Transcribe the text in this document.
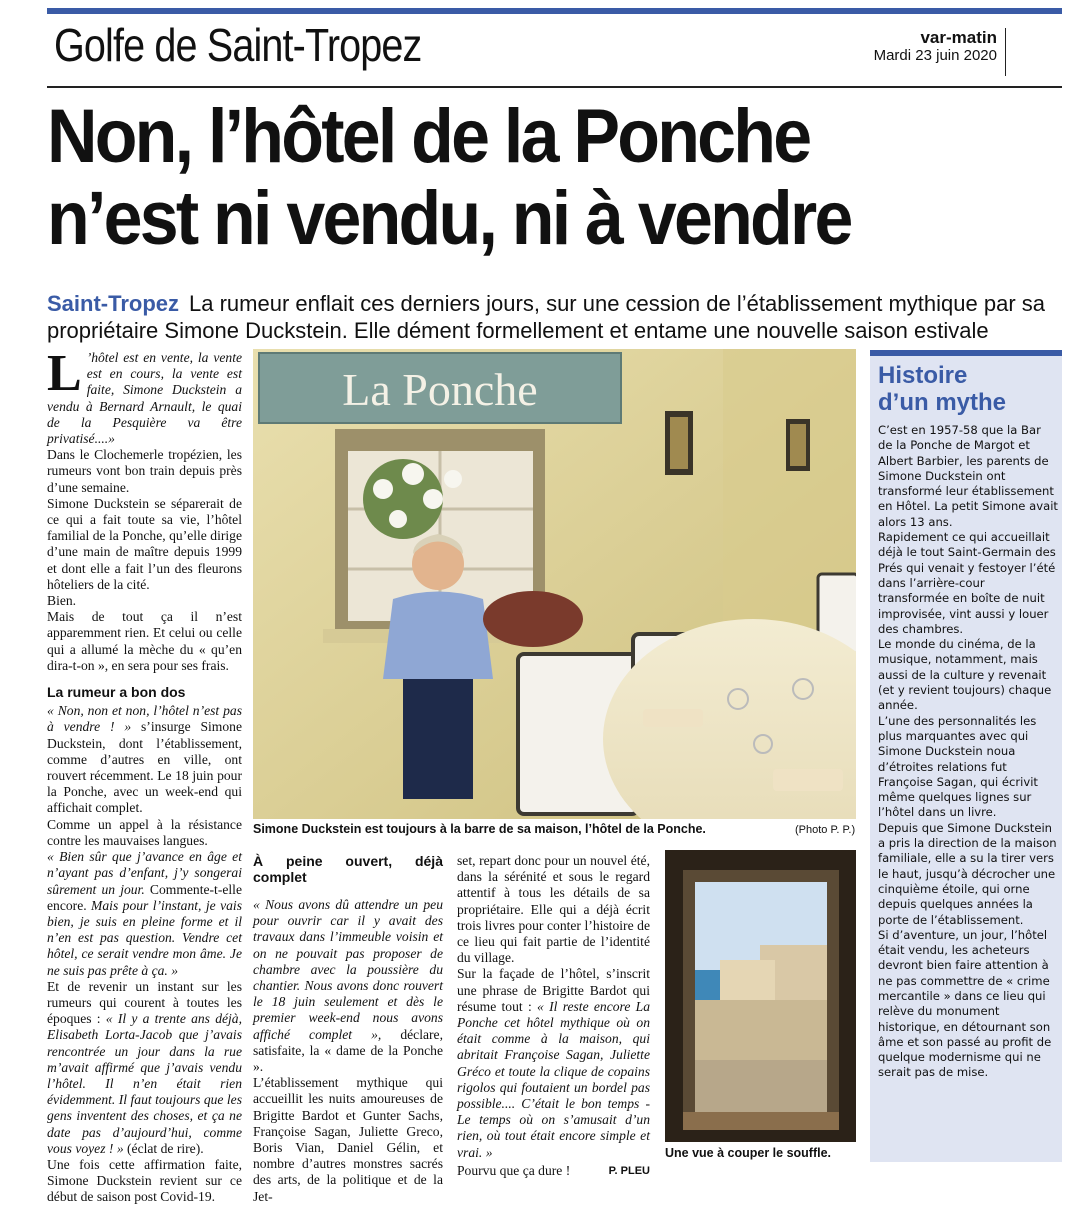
Golfe de Saint-Tropez	var-matin
Mardi 23 juin 2020
Non, l’hôtel de la Ponche
n’est ni vendu, ni à vendre
Saint-Tropez La rumeur enflait ces derniers jours, sur une cession de l’établissement mythique par sa propriétaire Simone Duckstein. Elle dément formellement et entame une nouvelle saison estivale

L ’hôtel est en vente, la vente est en cours, la vente est faite, Simone Duckstein a vendu à Bernard Arnault, le quai de la Pesquière va être privatisé....»

Dans le Clochemerle tropézien, les rumeurs vont bon train depuis près d’une semaine.

Simone Duckstein se séparerait de ce qui a fait toute sa vie, l’hôtel familial de la Ponche, qu’elle dirige d’une main de maître depuis 1999 et dont elle a fait l’un des fleurons hôteliers de la cité.

Bien.

Mais de tout ça il n’est apparemment rien. Et celui ou celle qui a allumé la mèche du « qu’en dira-t-on », en sera pour ses frais.

La rumeur a bon dos

« Non, non et non, l’hôtel n’est pas à vendre ! » s’insurge Simone Duckstein, dont l’établissement, comme d’autres en ville, ont rouvert récemment. Le 18 juin pour la Ponche, avec un week-end qui affichait complet.

Comme un appel à la résistance contre les mauvaises langues.

« Bien sûr que j’avance en âge et n’ayant pas d’enfant, j’y songerai sûrement un jour. Commente-t-elle encore. Mais pour l’instant, je vais bien, je suis en pleine forme et il n’en est pas question. Vendre cet hôtel, ce serait vendre mon âme. Je ne suis pas prête à ça. »

Et de revenir un instant sur les rumeurs qui courent à toutes les époques : « Il y a trente ans déjà, Elisabeth Lorta-Jacob que j’avais rencontrée un jour dans la rue m’avait affirmé que j’avais vendu l’hôtel. Il n’en était rien évidemment. Il faut toujours que les gens inventent des choses, et ça ne date pas d’aujourd’hui, comme vous voyez ! » (éclat de rire).

Une fois cette affirmation faite, Simone Duckstein revient sur ce début de saison post Covid-19.

La Ponche
Simone Duckstein est toujours à la barre de sa maison, l’hôtel de la Ponche.	(Photo P. P.)
À peine ouvert, déjà complet

« Nous avons dû attendre un peu pour ouvrir car il y avait des travaux dans l’immeuble voisin et on ne pouvait pas proposer de chambre avec la poussière du chantier. Nous avons donc rouvert le 18 juin seulement et dès le premier week-end nous avons affiché complet », déclare, satisfaite, la « dame de la Ponche ».

L’établissement mythique qui accueillit les nuits amoureuses de Brigitte Bardot et Gunter Sachs, Françoise Sagan, Juliette Greco, Boris Vian, Daniel Gélin, et nombre d’autres monstres sacrés des arts, de la politique et de la Jet-

set, repart donc pour un nouvel été, dans la sérénité et sous le regard attentif à tous les détails de sa propriétaire. Elle qui a déjà écrit trois livres pour conter l’histoire de ce lieu qui fait partie de l’identité du village.

Sur la façade de l’hôtel, s’inscrit une phrase de Brigitte Bardot qui résume tout : « Il reste encore La Ponche cet hôtel mythique où on était comme à la maison, qui abritait Françoise Sagan, Juliette Gréco et toute la clique de copains rigolos qui foutaient un bordel pas possible.... C’était le bon temps - Le temps où on s’amusait d’un rien, où tout était encore simple et vrai. »

Pourvu que ça dure !	P. PLEU

Une vue à couper le souffle.
Histoire
d’un mythe

C’est en 1957-58 que la Bar de la Ponche de Margot et Albert Barbier, les parents de Simone Duckstein ont transformé leur établissement en Hôtel. La petit Simone avait alors 13 ans.

Rapidement ce qui accueillait déjà le tout Saint-Germain des Prés qui venait y festoyer l’été dans l’arrière-cour transformée en boîte de nuit improvisée, vint aussi y louer des chambres.

Le monde du cinéma, de la musique, notamment, mais aussi de la culture y revenait (et y revient toujours) chaque année.

L’une des personnalités les plus marquantes avec qui Simone Duckstein noua d’étroites relations fut Françoise Sagan, qui écrivit même quelques lignes sur l’hôtel dans un livre.

Depuis que Simone Duckstein a pris la direction de la maison familiale, elle a su la tirer vers le haut, jusqu’à décrocher une cinquième étoile, qui orne depuis quelques années la porte de l’établissement.

Si d’aventure, un jour, l’hôtel était vendu, les acheteurs devront bien faire attention à ne pas commettre de « crime mercantile » dans ce lieu qui relève du monument historique, en détournant son âme et son passé au profit de quelque modernisme qui ne serait pas de mise.
